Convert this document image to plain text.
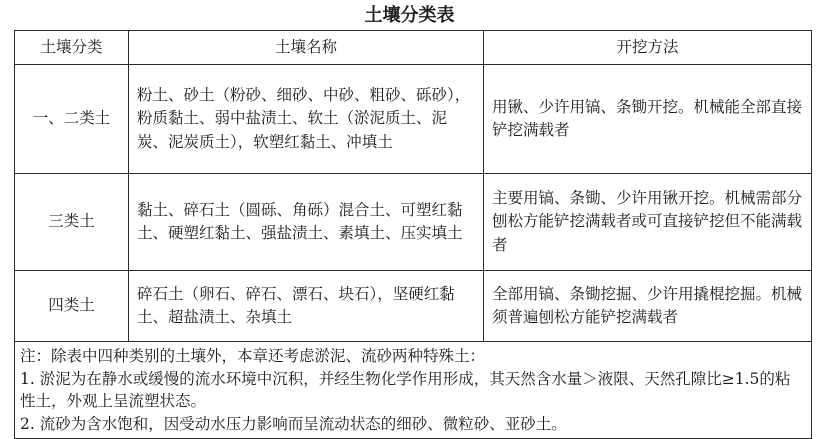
土壤分类表
土壤分类	土壤名称	开挖方法
一、二类土	粉土、砂土（粉砂、细砂、中砂、粗砂、砾砂），粉质黏土、弱中盐渍土、软土（淤泥质土、泥炭、泥炭质土），软塑红黏土、冲填土	用锹、少许用镐、条锄开挖。机械能全部直接铲挖满载者
三类土	黏土、碎石土（圆砾、角砾）混合土、可塑红黏土、硬塑红黏土、强盐渍土、素填土、压实填土	主要用镐、条锄、少许用锹开挖。机械需部分刨松方能铲挖满载者或可直接铲挖但不能满载者
四类土	碎石土（卵石、碎石、漂石、块石），坚硬红黏土、超盐渍土、杂填土	全部用镐、条锄挖掘、少许用撬棍挖掘。机械须普遍刨松方能铲挖满载者

注：除表中四种类别的土壤外，本章还考虑淤泥、流砂两种特殊土：
1. 淤泥为在静水或缓慢的流水环境中沉积，并经生物化学作用形成，其天然含水量＞液限、天然孔隙比≥1.5的粘性土，外观上呈流塑状态。
2. 流砂为含水饱和，因受动水压力影响而呈流动状态的细砂、微粒砂、亚砂土。		
